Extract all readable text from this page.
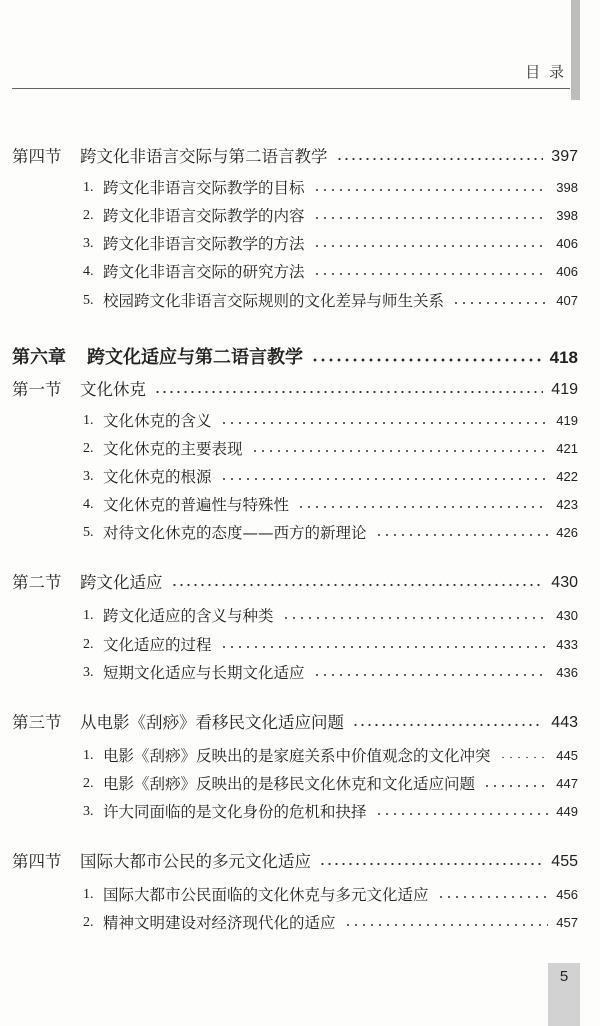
目 录
第四节	跨文化非语言交际与第二语言教学	397
1. 跨文化非语言交际教学的目标	398
2. 跨文化非语言交际教学的内容	398
3. 跨文化非语言交际教学的方法	406
4. 跨文化非语言交际的研究方法	406
5. 校园跨文化非语言交际规则的文化差异与师生关系	407
第六章	跨文化适应与第二语言教学	418
第一节	文化休克	419
1. 文化休克的含义	419
2. 文化休克的主要表现	421
3. 文化休克的根源	422
4. 文化休克的普遍性与特殊性	423
5. 对待文化休克的态度——西方的新理论	426
第二节	跨文化适应	430
1. 跨文化适应的含义与种类	430
2. 文化适应的过程	433
3. 短期文化适应与长期文化适应	436
第三节	从电影《刮痧》看移民文化适应问题	443
1. 电影《刮痧》反映出的是家庭关系中价值观念的文化冲突	445
2. 电影《刮痧》反映出的是移民文化休克和文化适应问题	447
3. 许大同面临的是文化身份的危机和抉择	449
第四节	国际大都市公民的多元文化适应	455
1. 国际大都市公民面临的文化休克与多元文化适应	456
2. 精神文明建设对经济现代化的适应	457
5
